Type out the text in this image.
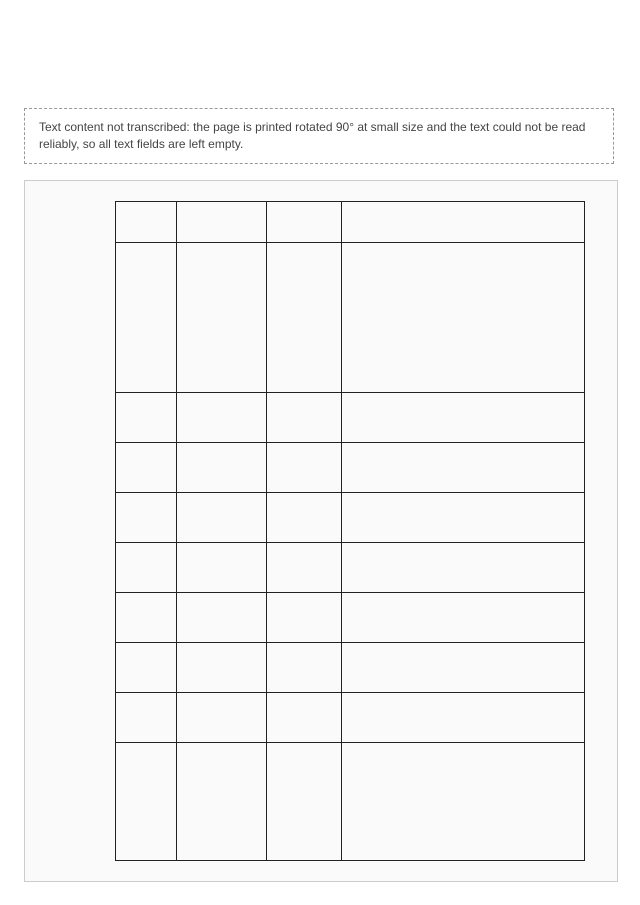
Text content not transcribed: the page is printed rotated 90° at small size and the text could not be read reliably, so all text fields are left empty.
